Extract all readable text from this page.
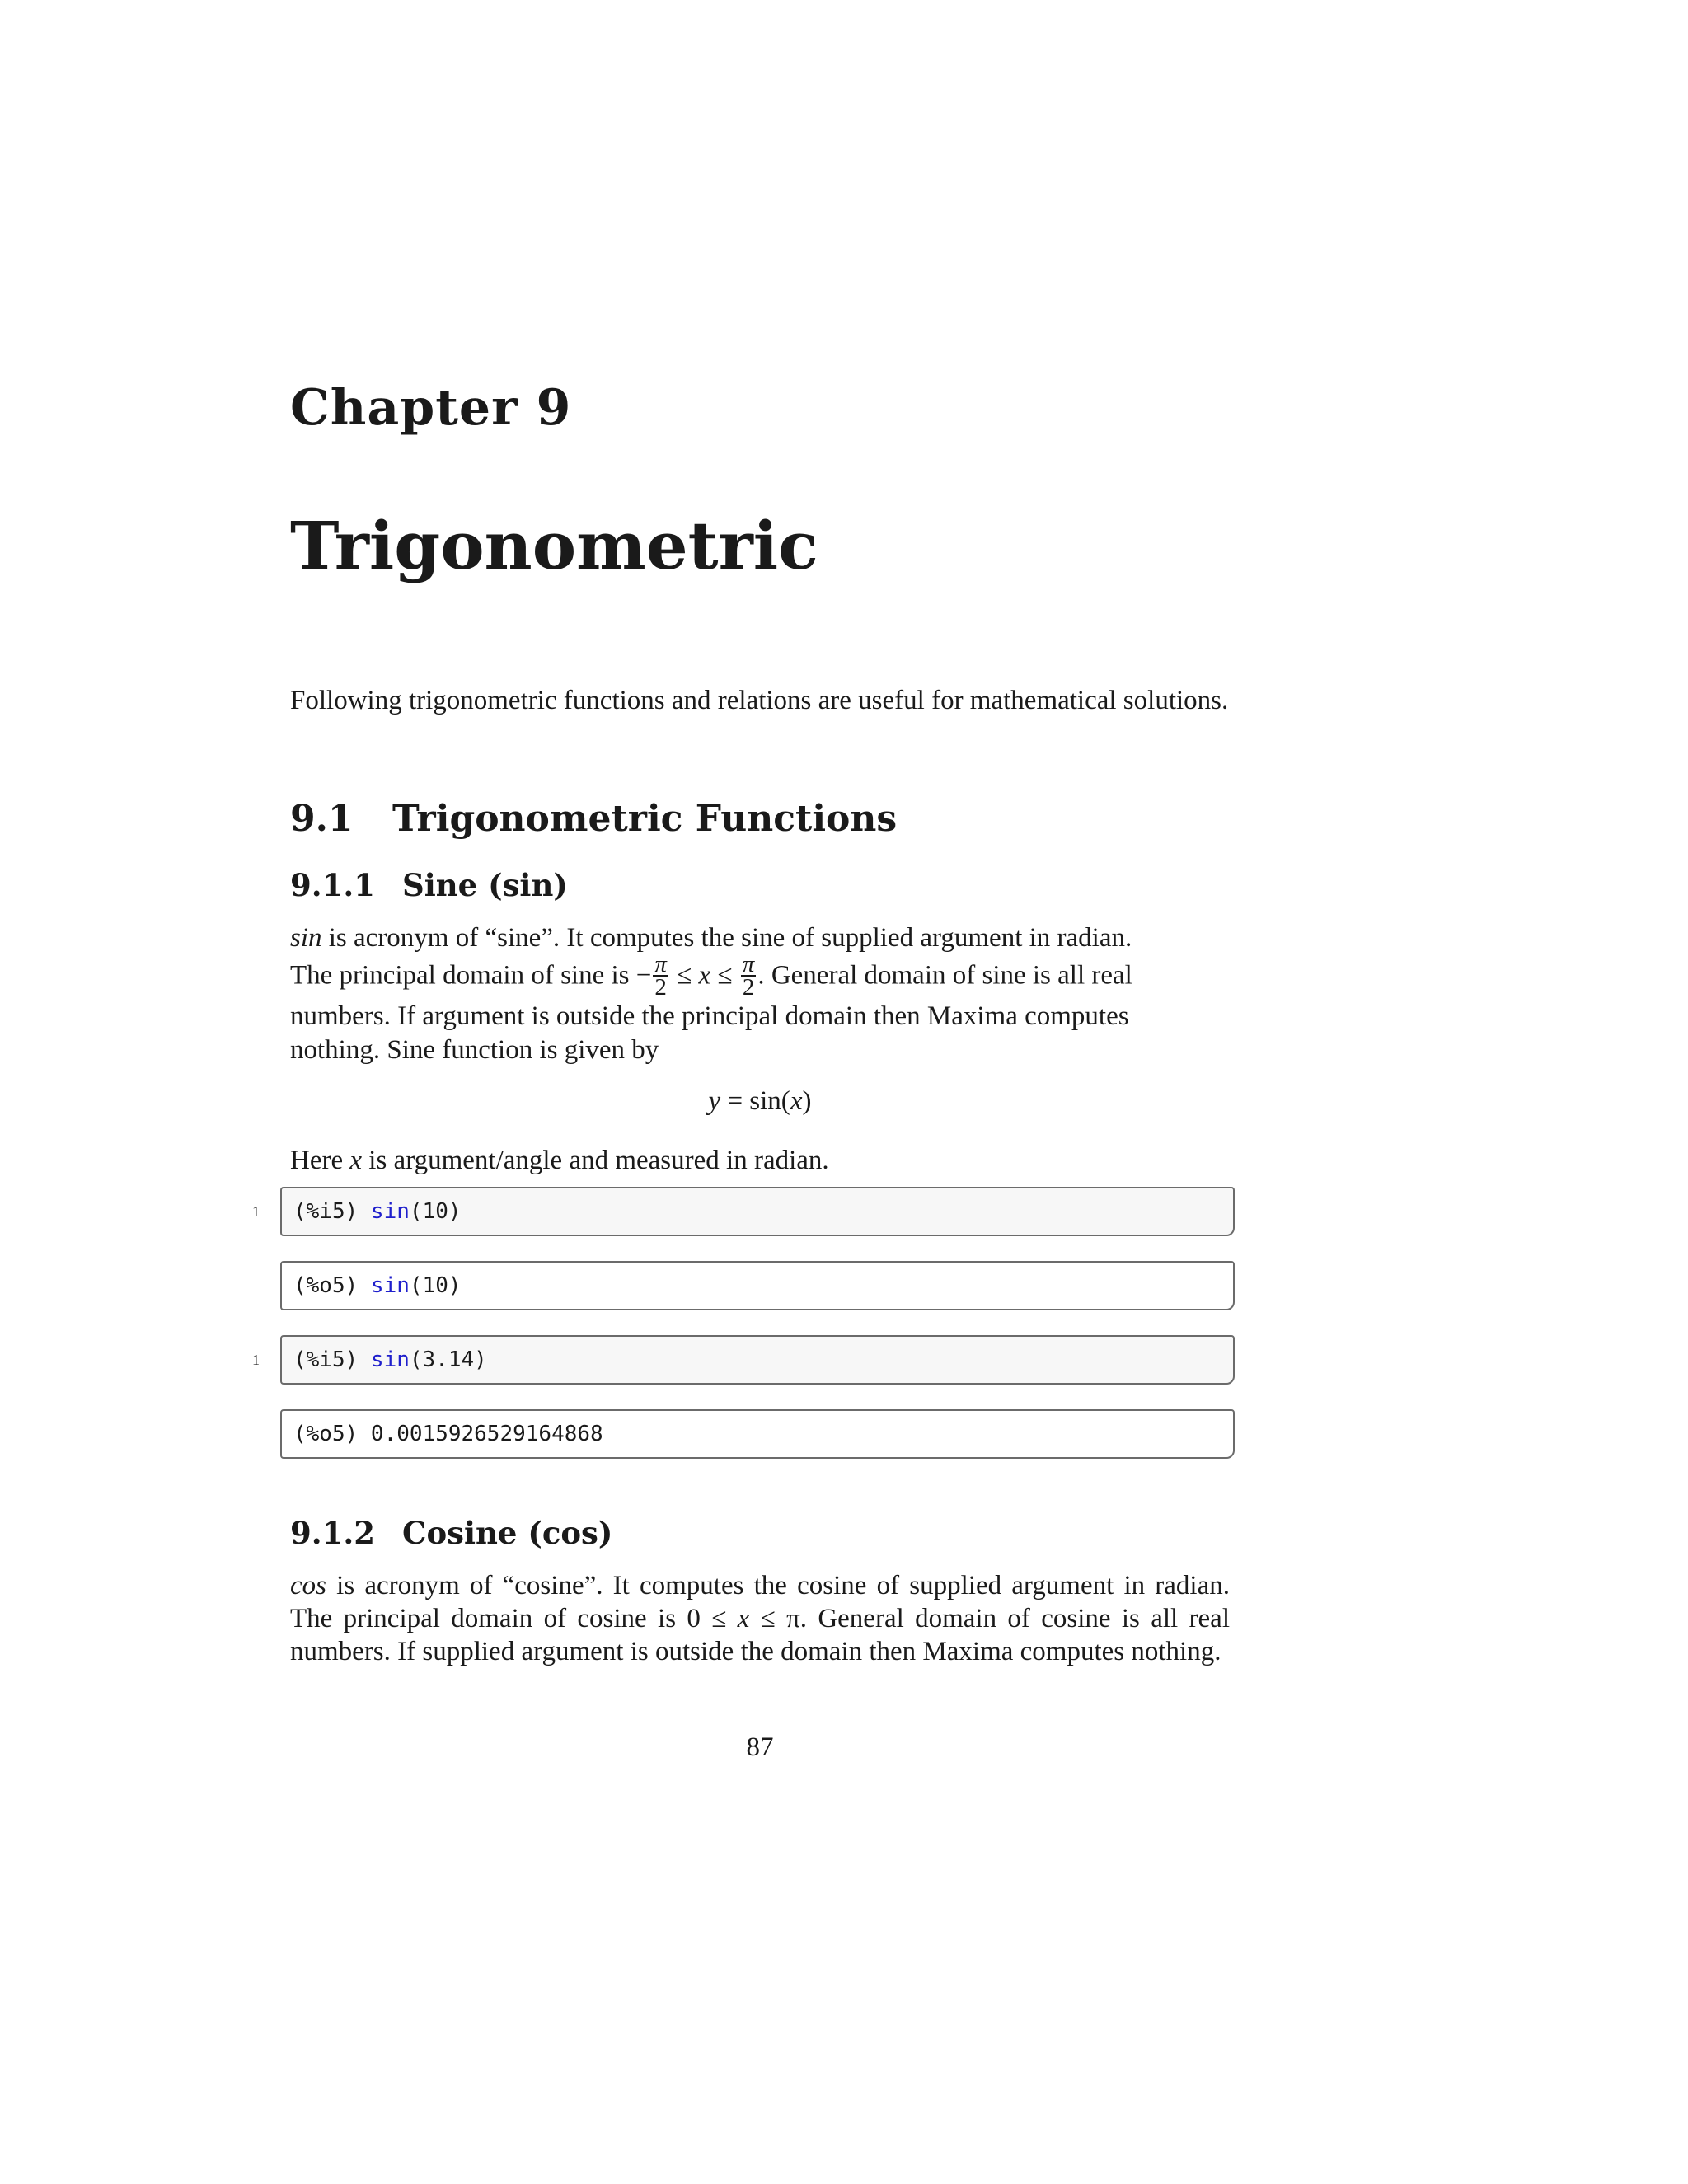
Chapter 9
Trigonometric

Following trigonometric functions and relations are useful for mathematical solutions.

9.1 Trigonometric Functions
9.1.1 Sine (sin)

sin is acronym of “sine”. It computes the sine of supplied argument in radian.
The principal domain of sine is − $\frac{\pi}{2} \le x \le \frac{\pi}{2}$ . General domain of sine is all real
numbers. If argument is outside the principal domain then Maxima computes
nothing. Sine function is given by

y = sin(x)

Here x is argument/angle and measured in radian.

1 (%i5) sin(10)
(%o5) sin(10)
1 (%i5) sin(3.14)
(%o5) 0.0015926529164868
9.1.2 Cosine (cos)

cos is acronym of “cosine”. It computes the cosine of supplied argument in radian. The principal domain of cosine is 0 ≤ x ≤ π. General domain of cosine is all real numbers. If supplied argument is outside the domain then Maxima computes nothing.

87
